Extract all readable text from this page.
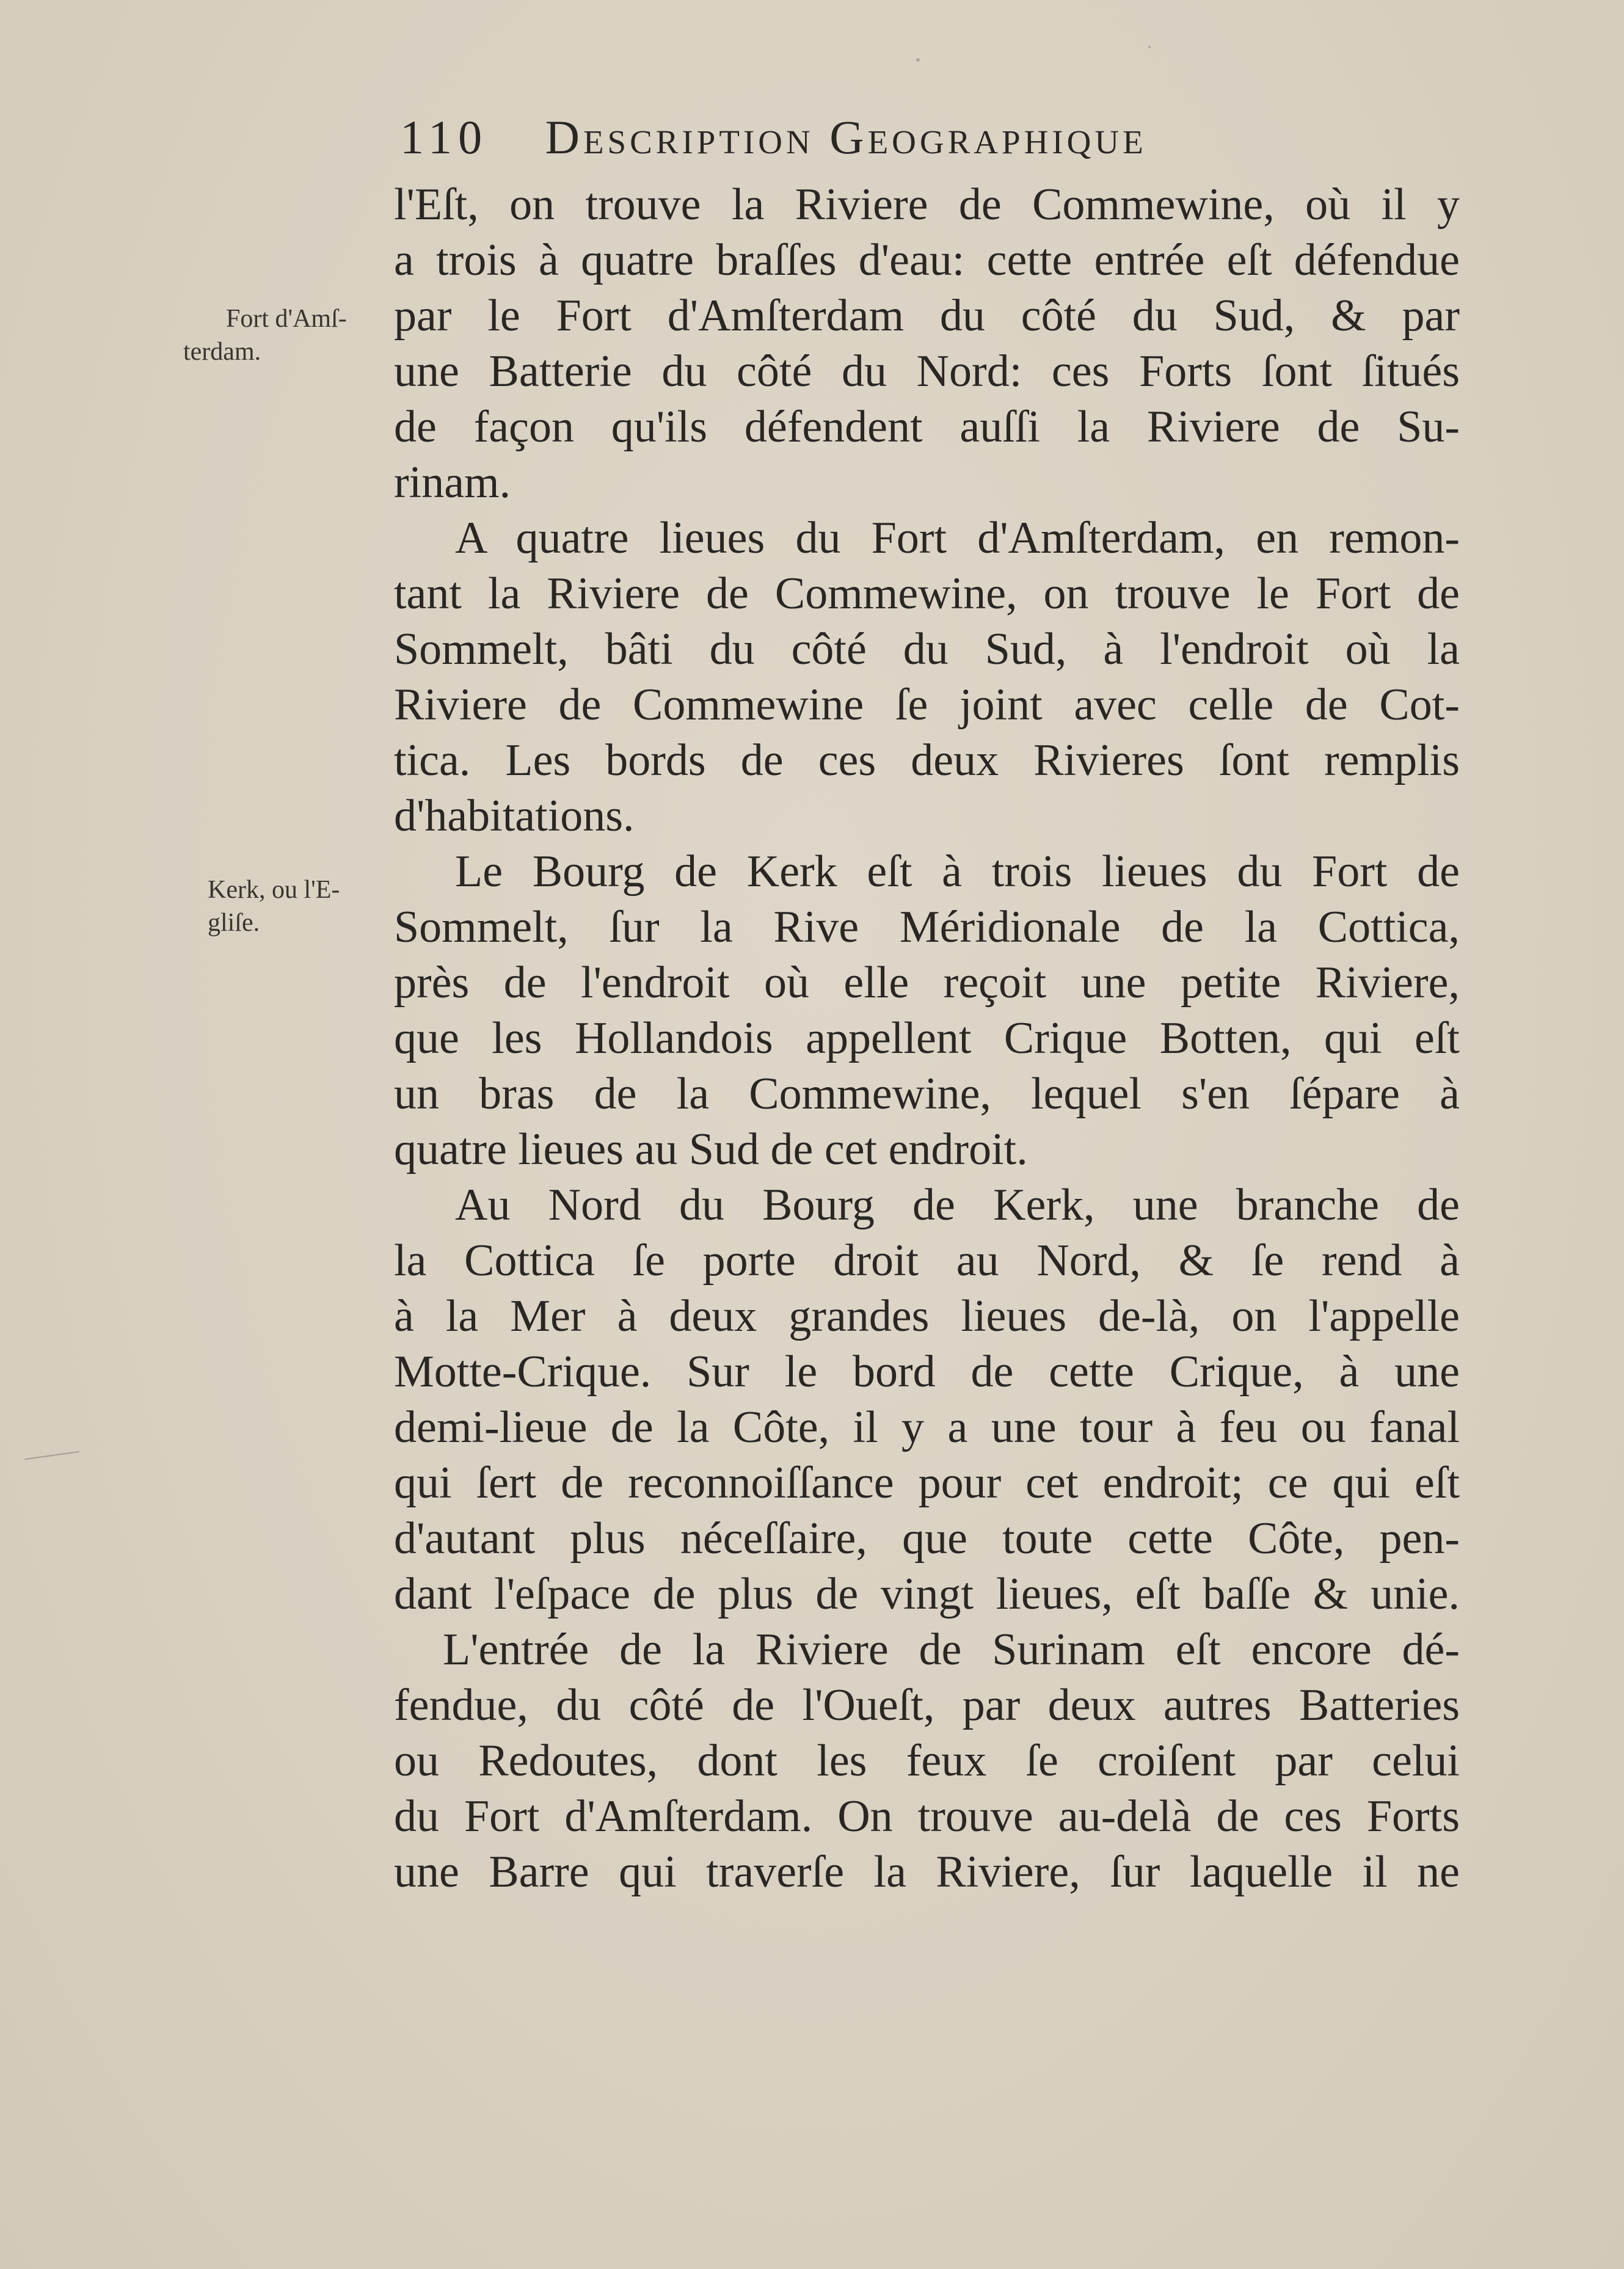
110 Description Geographique
Fort d'Amſ-
terdam.
Kerk, ou l'E-
gliſe.
l'Eſt, on trouve la Riviere de Commewine, où il y
a trois à quatre braſſes d'eau: cette entrée eſt défendue
par le Fort d'Amſterdam du côté du Sud, & par
une Batterie du côté du Nord: ces Forts ſont ſitués
de façon qu'ils défendent auſſi la Riviere de Su-
rinam.
A quatre lieues du Fort d'Amſterdam, en remon-
tant la Riviere de Commewine, on trouve le Fort de
Sommelt, bâti du côté du Sud, à l'endroit où la
Riviere de Commewine ſe joint avec celle de Cot-
tica. Les bords de ces deux Rivieres ſont remplis
d'habitations.
Le Bourg de Kerk eſt à trois lieues du Fort de
Sommelt, ſur la Rive Méridionale de la Cottica,
près de l'endroit où elle reçoit une petite Riviere,
que les Hollandois appellent Crique Botten, qui eſt
un bras de la Commewine, lequel s'en ſépare à
quatre lieues au Sud de cet endroit.
Au Nord du Bourg de Kerk, une branche de
la Cottica ſe porte droit au Nord, & ſe rend à
à la Mer à deux grandes lieues de-là, on l'appelle
Motte-Crique. Sur le bord de cette Crique, à une
demi-lieue de la Côte, il y a une tour à feu ou fanal
qui ſert de reconnoiſſance pour cet endroit; ce qui eſt
d'autant plus néceſſaire, que toute cette Côte, pen-
dant l'eſpace de plus de vingt lieues, eſt baſſe & unie.
L'entrée de la Riviere de Surinam eſt encore dé-
fendue, du côté de l'Oueſt, par deux autres Batteries
ou Redoutes, dont les feux ſe croiſent par celui
du Fort d'Amſterdam. On trouve au-delà de ces Forts
une Barre qui traverſe la Riviere, ſur laquelle il ne
